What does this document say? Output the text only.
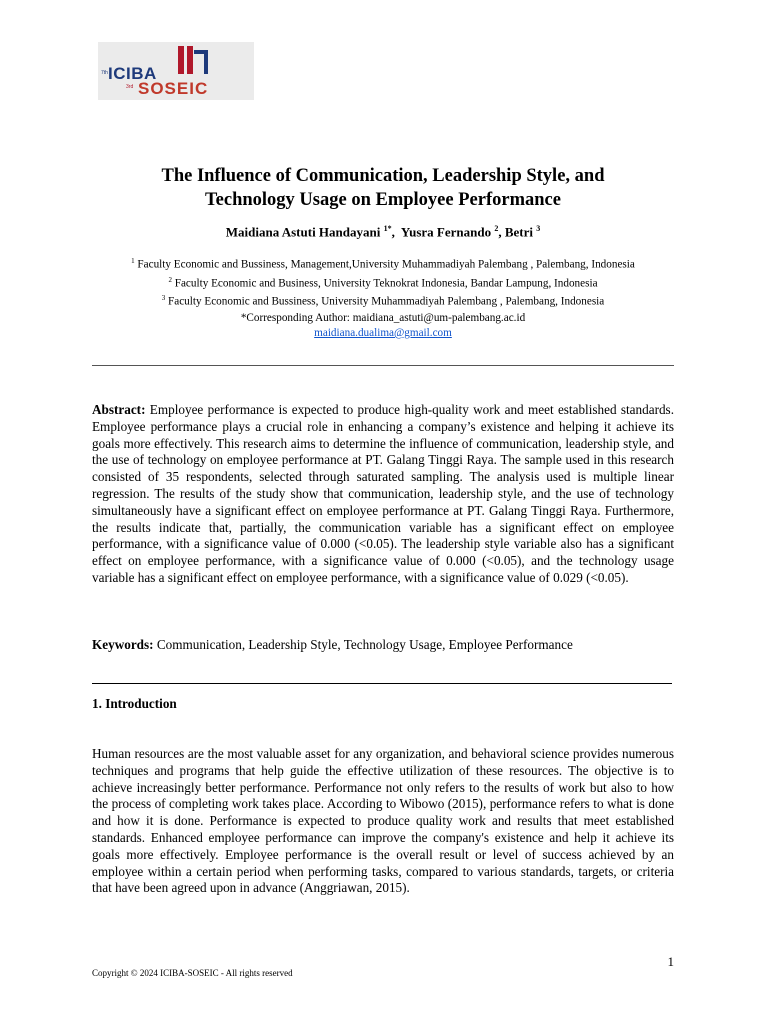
7th ICIBA
3rd SOSEIC
The Influence of Communication, Leadership Style, and
Technology Usage on Employee Performance
Maidiana Astuti Handayani $^{1*}$,  Yusra Fernando $^2$, Betri $^3$
$^1$ Faculty Economic and Bussiness, Management,University Muhammadiyah Palembang , Palembang, Indonesia
$^2$ Faculty Economic and Business, University Teknokrat Indonesia, Bandar Lampung, Indonesia
$^3$ Faculty Economic and Bussiness, University Muhammadiyah Palembang , Palembang, Indonesia
*Corresponding Author: maidiana_astuti@um-palembang.ac.id
maidiana.dualima@gmail.com
Abstract: Employee performance is expected to produce high-quality work and meet established standards. Employee performance plays a crucial role in enhancing a company’s existence and helping it achieve its goals more effectively. This research aims to determine the influence of communication, leadership style, and the use of technology on employee performance at PT. Galang Tinggi Raya. The sample used in this research consisted of 35 respondents, selected through saturated sampling. The analysis used is multiple linear regression. The results of the study show that communication, leadership style, and the use of technology simultaneously have a significant effect on employee performance at PT. Galang Tinggi Raya. Furthermore, the results indicate that, partially, the communication variable has a significant effect on employee performance, with a significance value of 0.000 (<0.05). The leadership style variable also has a significant effect on employee performance, with a significance value of 0.000 (<0.05), and the technology usage variable has a significant effect on employee performance, with a significance value of 0.029 (<0.05).
Keywords: Communication, Leadership Style, Technology Usage, Employee Performance
1. Introduction
Human resources are the most valuable asset for any organization, and behavioral science provides numerous techniques and programs that help guide the effective utilization of these resources. The objective is to achieve increasingly better performance. Performance not only refers to the results of work but also to how the process of completing work takes place. According to Wibowo (2015), performance refers to what is done and how it is done. Performance is expected to produce quality work and results that meet established standards. Enhanced employee performance can improve the company's existence and help it achieve its goals more effectively. Employee performance is the overall result or level of success achieved by an employee within a certain period when performing tasks, compared to various standards, targets, or criteria that have been agreed upon in advance (Anggriawan, 2015).
1
Copyright © 2024 ICIBA-SOSEIC - All rights reserved
